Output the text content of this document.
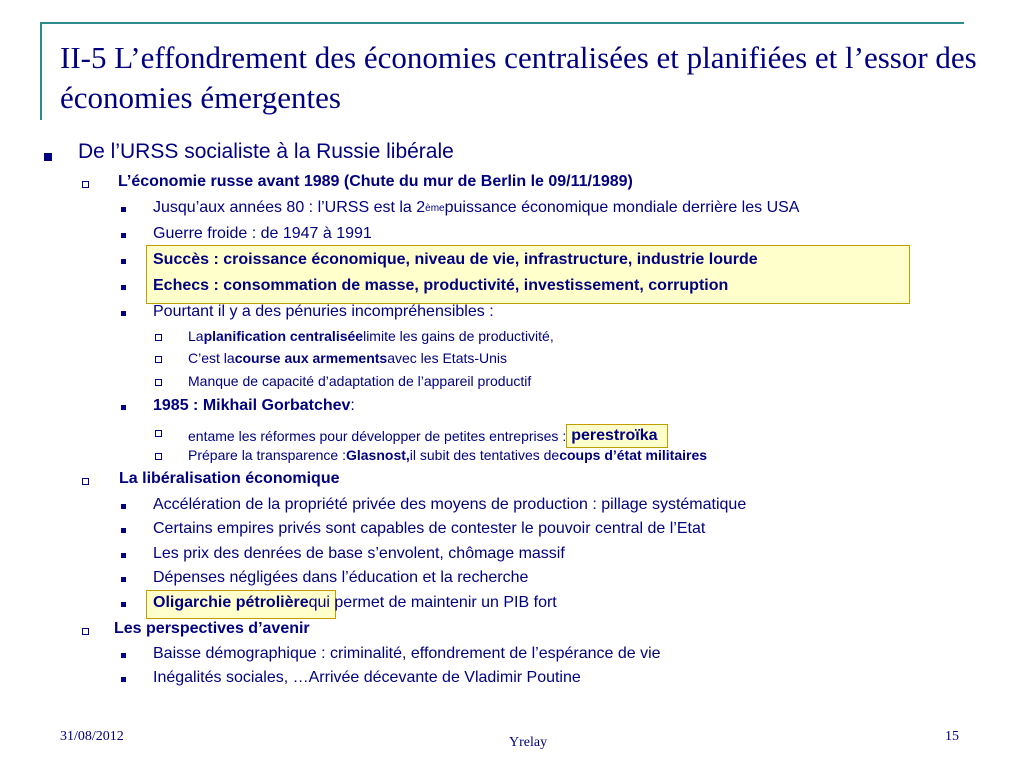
II-5 L’effondrement des économies centralisées et planifiées et l’essor des économies émergentes
De l’URSS socialiste à la Russie libérale
L’économie russe avant 1989 (Chute du mur de Berlin le 09/11/1989)
Jusqu’aux années 80 : l’URSS est la 2 ème puissance économique mondiale derrière les USA
Guerre froide : de 1947 à 1991
Succès : croissance économique, niveau de vie, infrastructure, industrie lourde
Echecs : consommation de masse, productivité, investissement, corruption
Pourtant il y a des pénuries incompréhensibles :
La planification centralisée limite les gains de productivité,
C’est la course aux armements avec les Etats-Unis
Manque de capacité d’adaptation de l’appareil productif
1985 : Mikhail Gorbatchev :
entame les réformes pour développer de petites entreprises : perestroïka
Prépare la transparence : Glasnost, il subit des tentatives de coups d’état militaires
La libéralisation économique
Accélération de la propriété privée des moyens de production : pillage systématique
Certains empires privés sont capables de contester le pouvoir central de l’Etat
Les prix des denrées de base s’envolent, chômage massif
Dépenses négligées dans l’éducation et la recherche
Oligarchie pétrolière qui permet de maintenir un PIB fort
Les perspectives d’avenir
Baisse démographique : criminalité, effondrement de l’espérance de vie
Inégalités sociales, …Arrivée décevante de Vladimir Poutine
31/08/2012	Yrelay	15
